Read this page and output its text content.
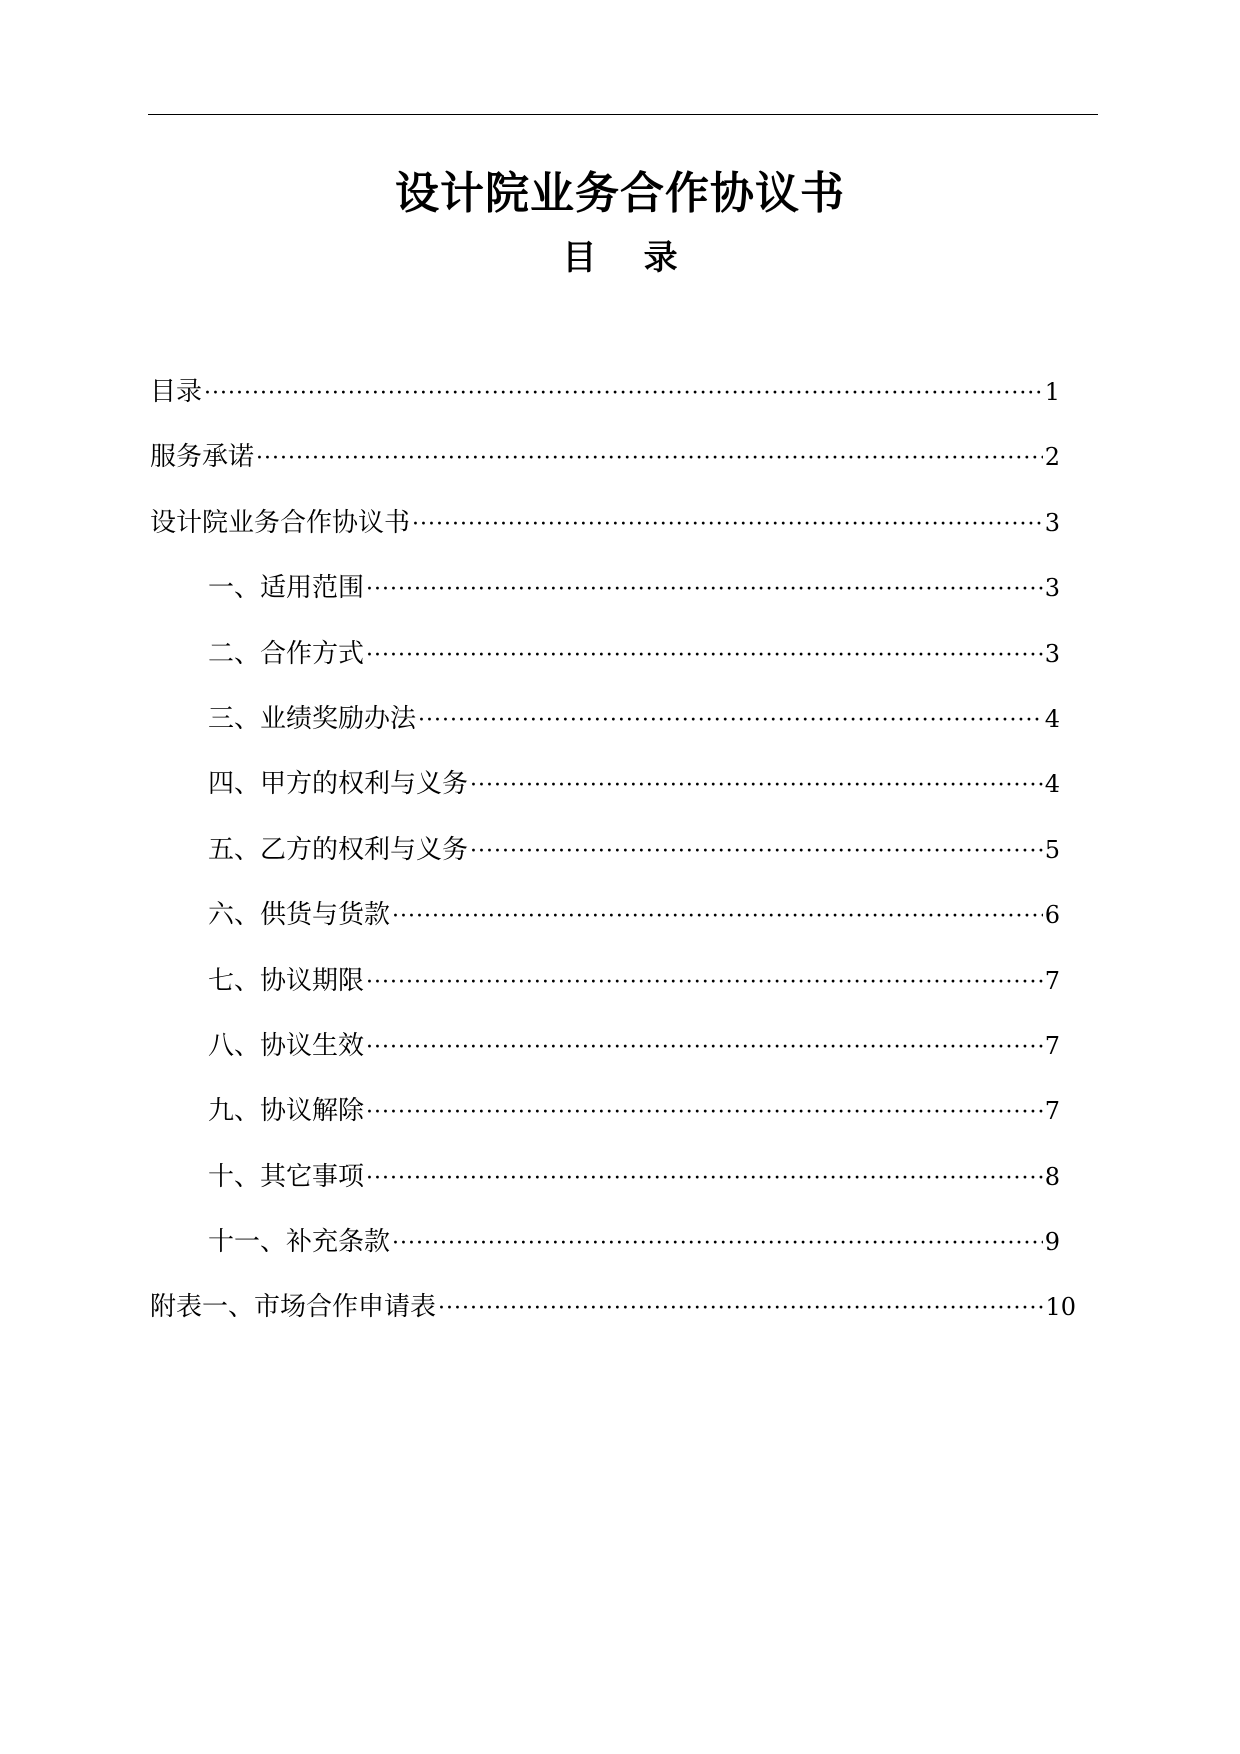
设计院业务合作协议书
目    录
目录 ·····	1
服务承诺 ·····	2
设计院业务合作协议书 ·····	3
一、适用范围 ·····	3
二、合作方式 ·····	3
三、业绩奖励办法 ·····	4
四、甲方的权利与义务 ·····	4
五、乙方的权利与义务 ·····	5
六、供货与货款 ·····	6
七、协议期限 ·····	7
八、协议生效 ·····	7
九、协议解除 ·····	7
十、其它事项 ·····	8
十一、补充条款 ·····	9
附表一、市场合作申请表 ·····	10
